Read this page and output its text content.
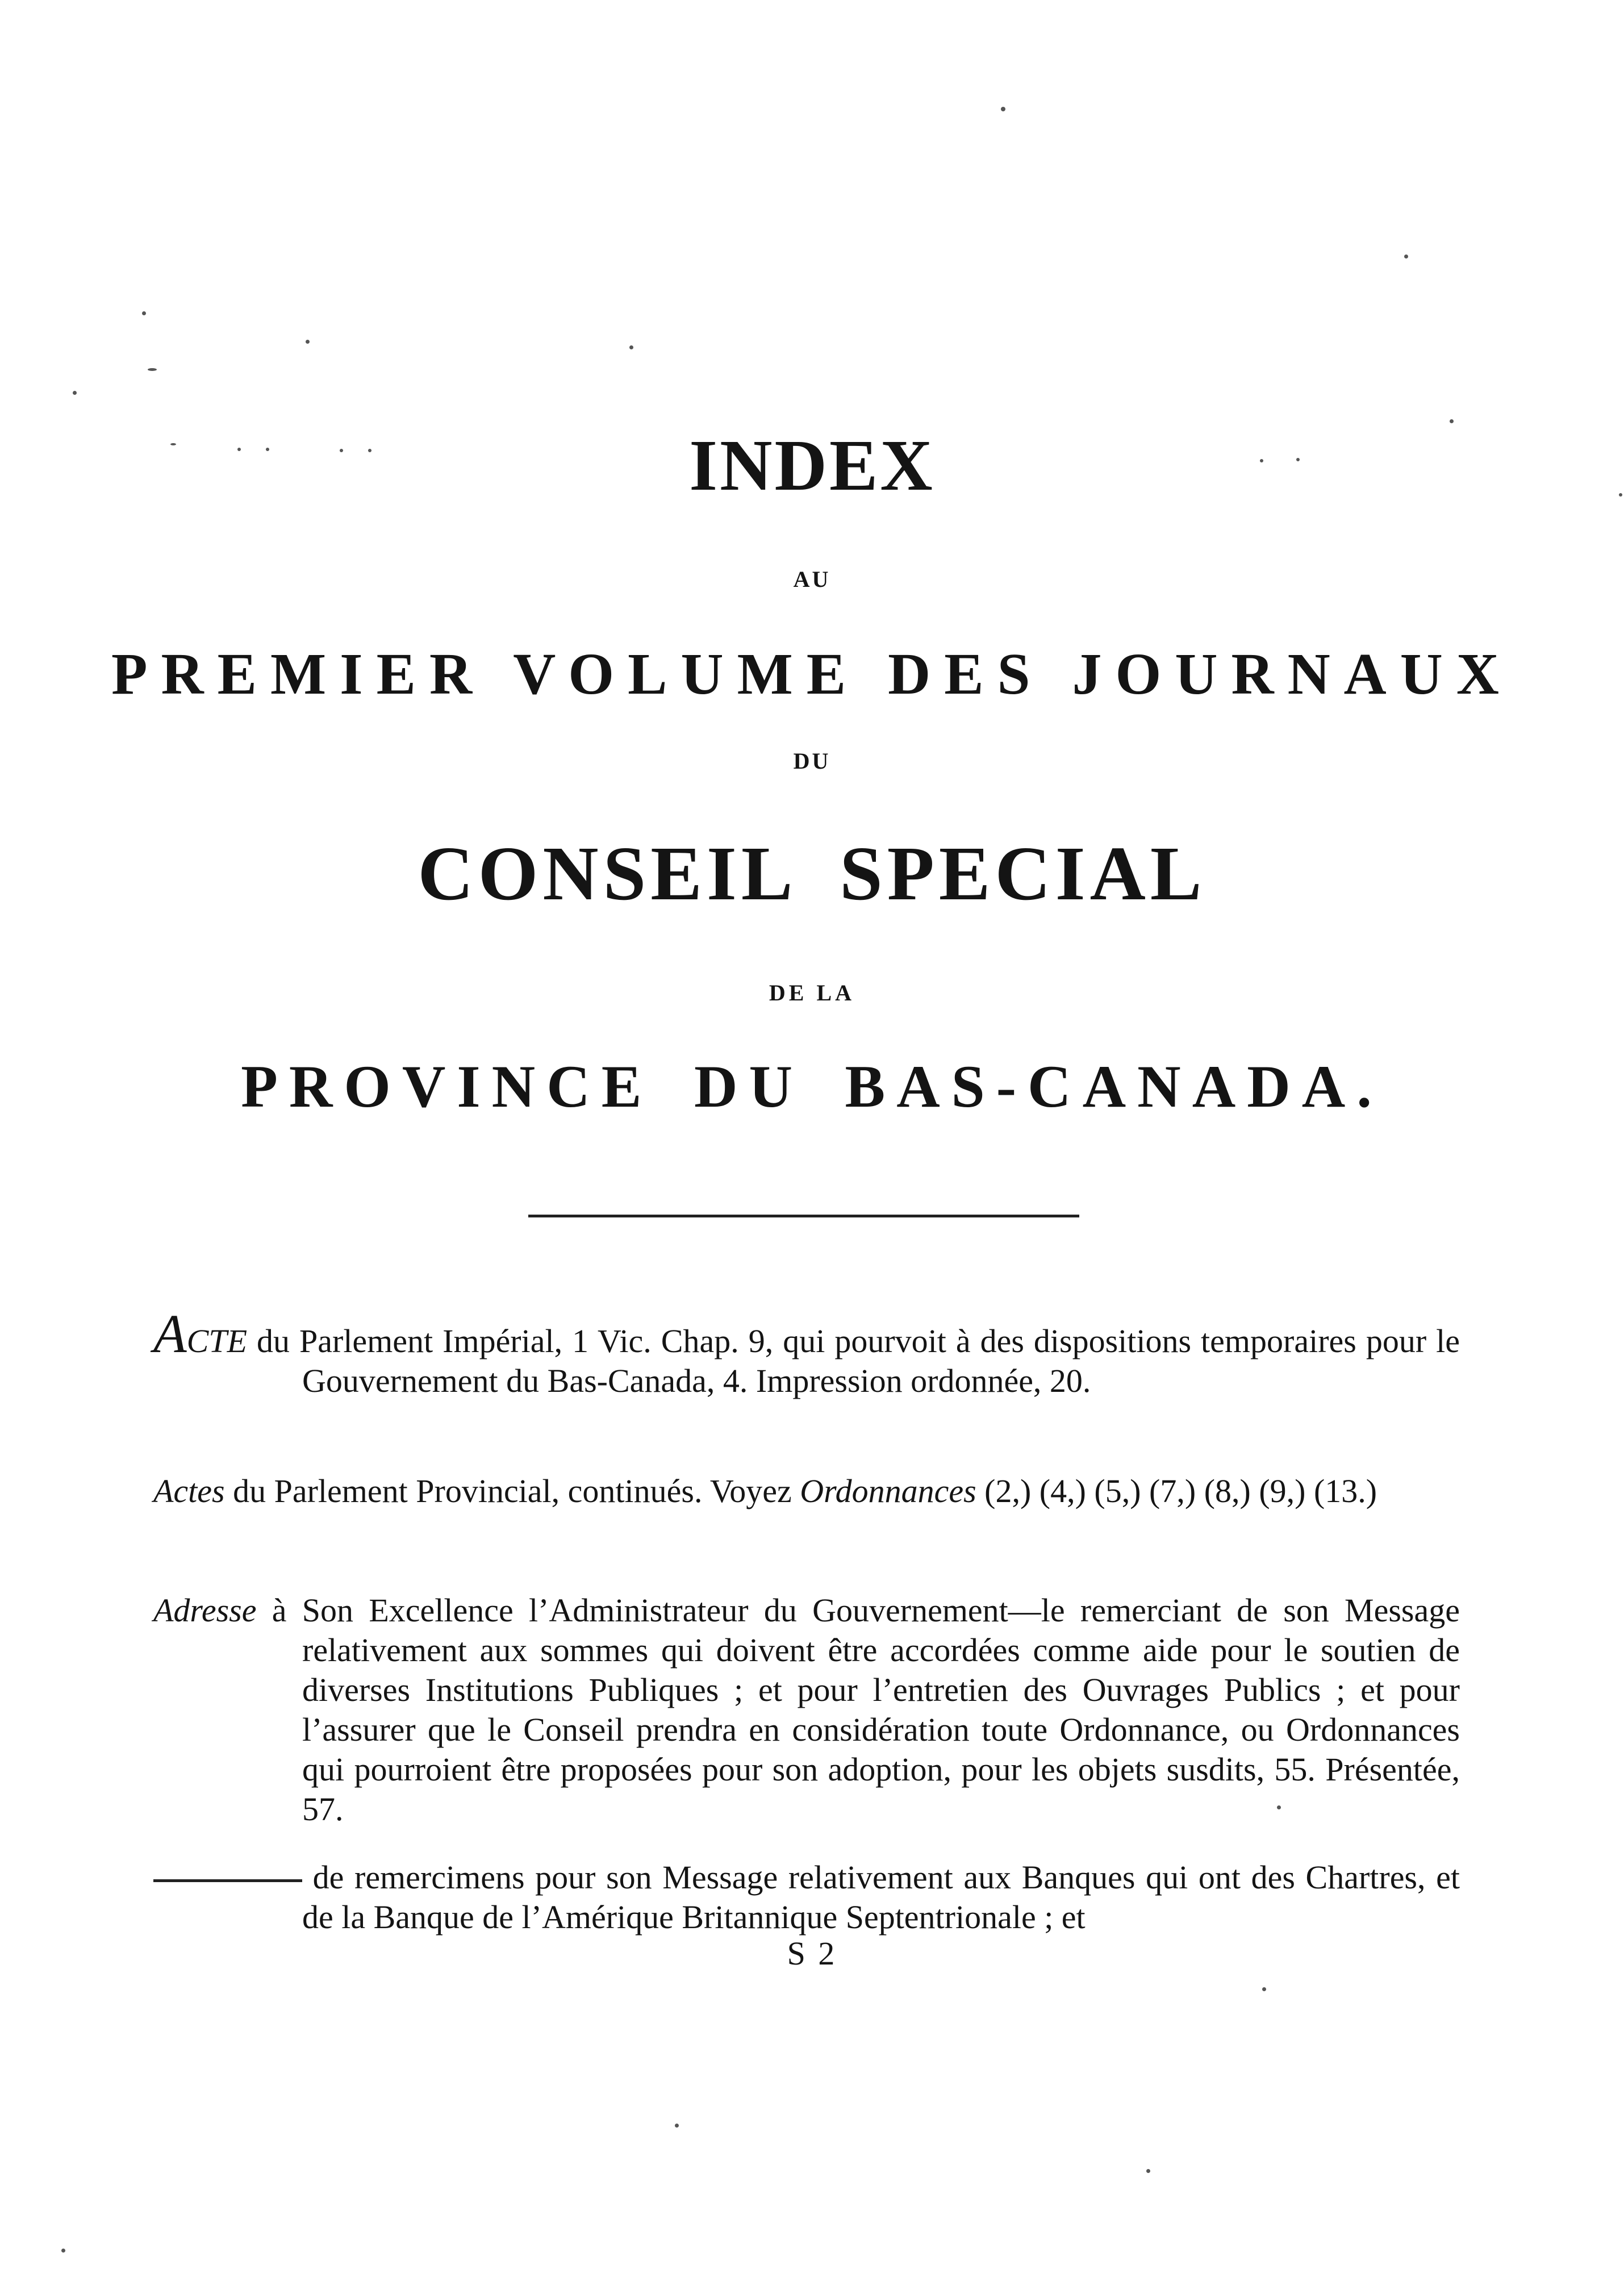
INDEX
AU
PREMIER VOLUME DES JOURNAUX
DU
CONSEIL SPECIAL
DE LA
PROVINCE DU BAS-CANADA.
ACTE du Parlement Impérial, 1 Vic. Chap. 9, qui pourvoit à des dispositions temporaires pour le Gouvernement du Bas-Canada, 4. Impression ordonnée, 20.
Actes du Parlement Provincial, continués. Voyez Ordonnances (2,) (4,) (5,) (7,) (8,) (9,) (13.)
Adresse à Son Excellence l’Administrateur du Gouvernement—le remerciant de son Message relativement aux sommes qui doivent être accordées comme aide pour le soutien de diverses Institutions Publiques ; et pour l’entretien des Ouvrages Publics ; et pour l’assurer que le Conseil prendra en considération toute Ordonnance, ou Ordonnances qui pourroient être proposées pour son adoption, pour les objets susdits, 55. Présentée, 57.
de remercimens pour son Message relativement aux Banques qui ont des Chartres, et de la Banque de l’Amérique Britannique Septentrionale ; et
S 2
